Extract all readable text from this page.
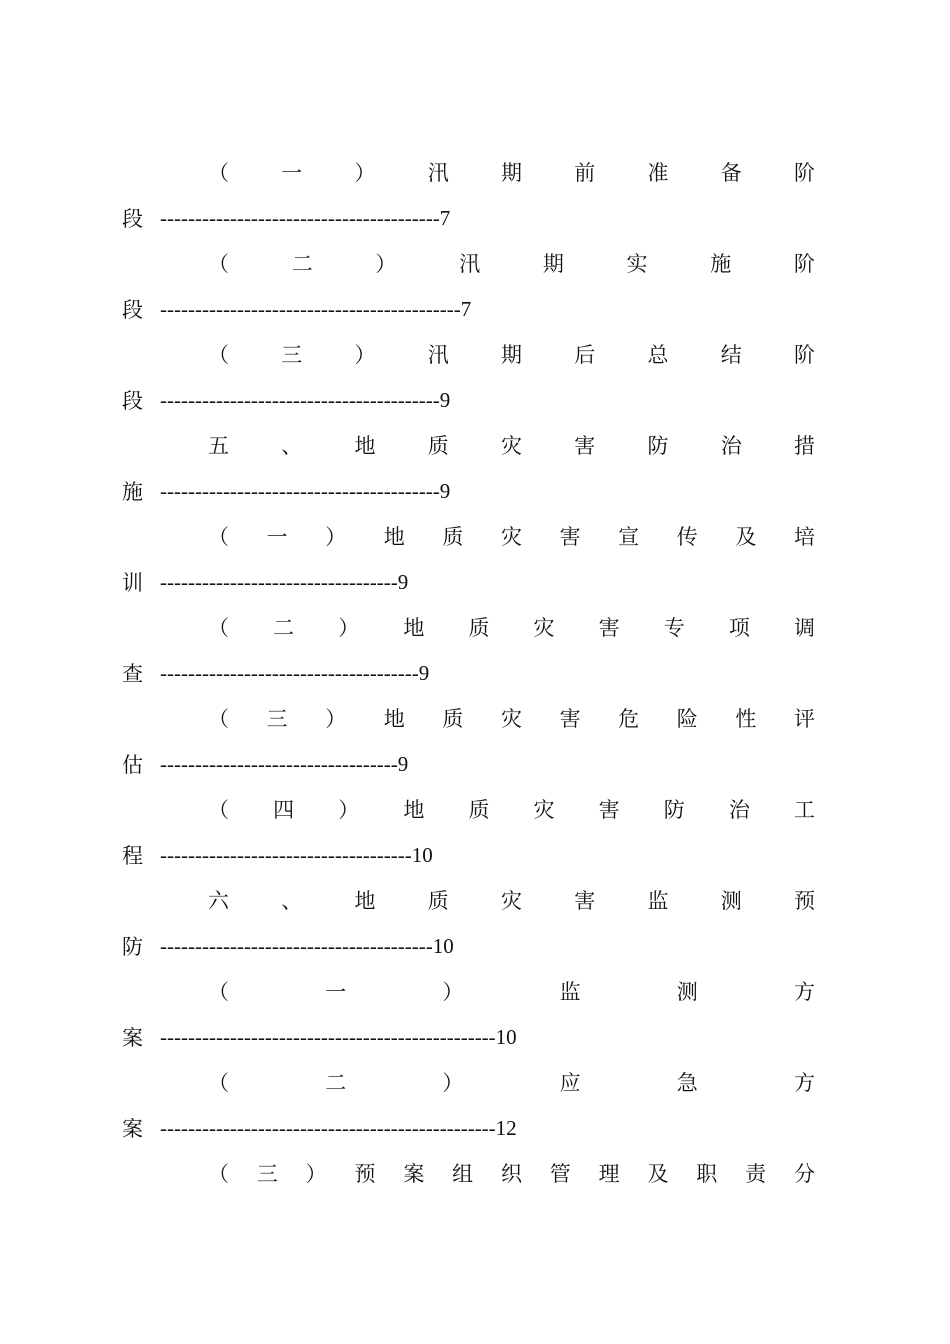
（ 一 ） 汛 期 前 准 备 阶
段 ---------------------------------------- 7
（	二	）	汛	期	实	施	阶
段 ------------------------------------------- 7
（ 三 ） 汛 期 后 总 结 阶
段 ---------------------------------------- 9
五 、 地 质 灾 害 防 治 措
施 ---------------------------------------- 9
（ 一 ） 地 质 灾 害 宣 传 及 培
训 ---------------------------------- 9
（ 二 ） 地 质 灾 害 专 项 调
查 ------------------------------------- 9
（ 三 ） 地 质 灾 害 危 险 性 评
估 ---------------------------------- 9
（ 四 ） 地 质 灾 害 防 治 工
程 ------------------------------------ 10
六 、 地 质 灾 害 监 测 预
防 --------------------------------------- 10
（	一	）	监	测	方
案 ------------------------------------------------ 10
（	二	）	应	急	方
案 ------------------------------------------------ 12
（ 三 ） 预 案 组 织 管 理 及 职 责 分
